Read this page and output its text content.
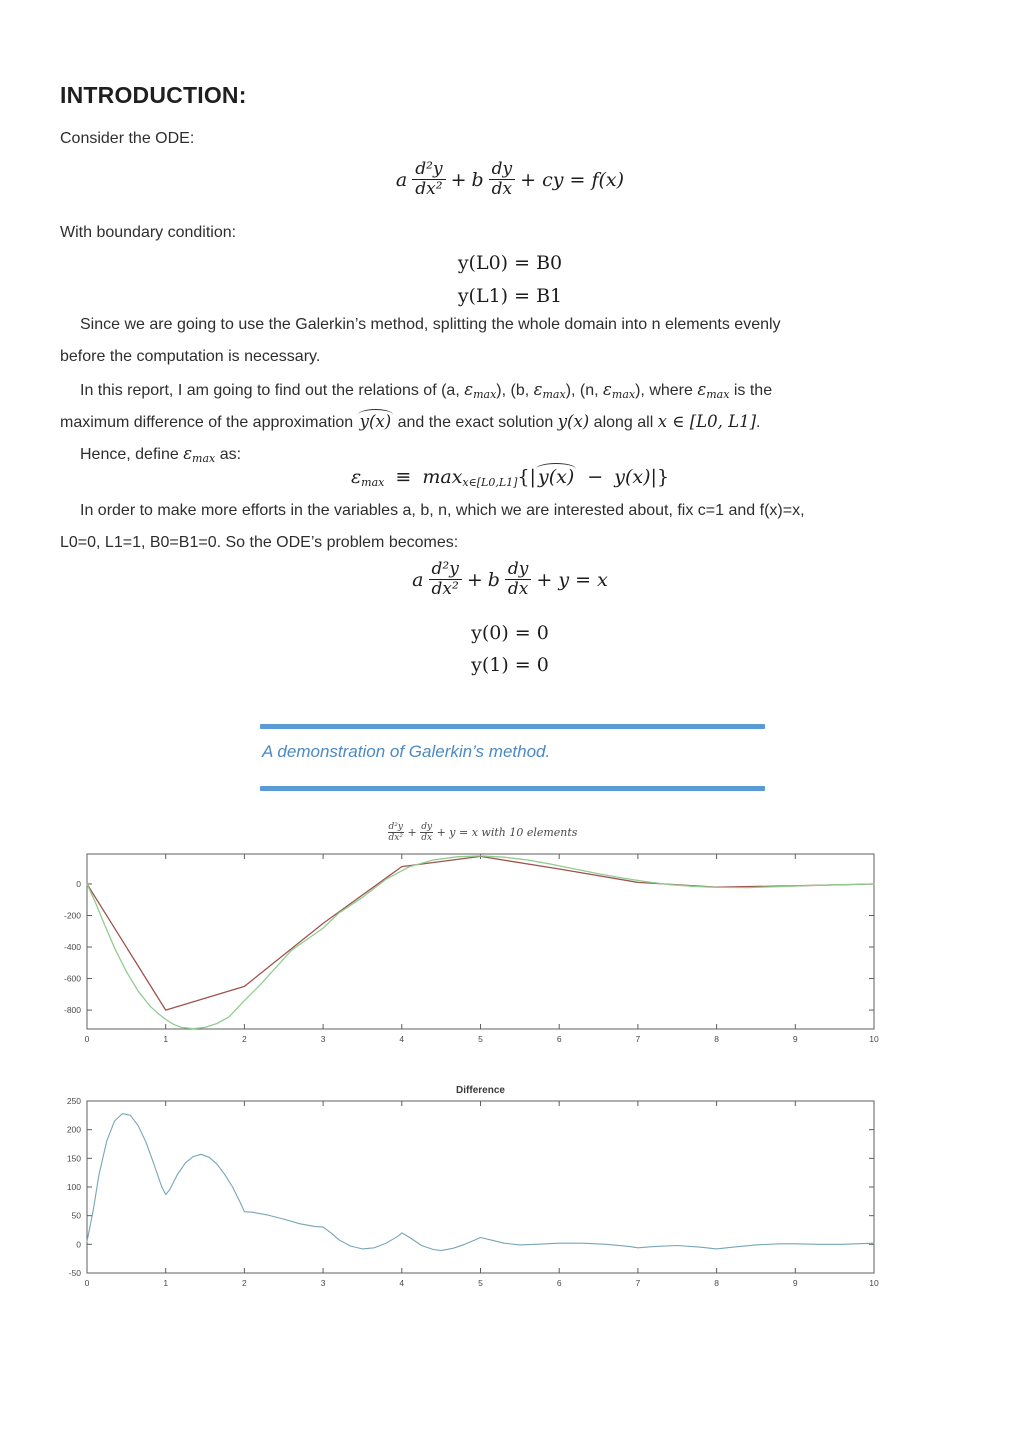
INTRODUCTION:
Consider the ODE:
a $\frac{\text{d²y}}{\text{dx²}} + b \frac{dy}{dx}$ + cy = f(x)
With boundary condition:
y(L0) = B0
y(L1) = B1
Since we are going to use the Galerkin’s method, splitting the whole domain into n elements evenly
before the computation is necessary.
In this report, I am going to find out the relations of (a, $\varepsilon_{max}$), (b, $\varepsilon_{max}$), (n, $\varepsilon_{max}$), where $\varepsilon_{max}$ is the
maximum difference of the approximation y(x) and the exact solution y(x) along all x ∈ [L0, L1].
Hence, define $\varepsilon_{max}$ as:
$\varepsilon_{max} \equiv \max_{x\in[L0,L1]}\{|$ y(x) − y(x)|}
In order to make more efforts in the variables a, b, n, which we are interested about, fix c=1 and f(x)=x,
L0=0, L1=1, B0=B1=0. So the ODE’s problem becomes:
a $\frac{\text{d²y}}{\text{dx²}} + b \frac{dy}{dx} + y = x$
y(0) = 0
y(1) = 0
A demonstration of Galerkin’s method.
$\frac{\text{d²y}}{\text{dx²}} + \frac{dy}{dx} + y = x$ with 10 elements
0	1	2	3	4	5	6	7	8	9	10
0
-200
-400
-600
-800
0	1	2	3	4	5	6	7	8	9	10
250
200
150
100
50
0
-50
Difference
